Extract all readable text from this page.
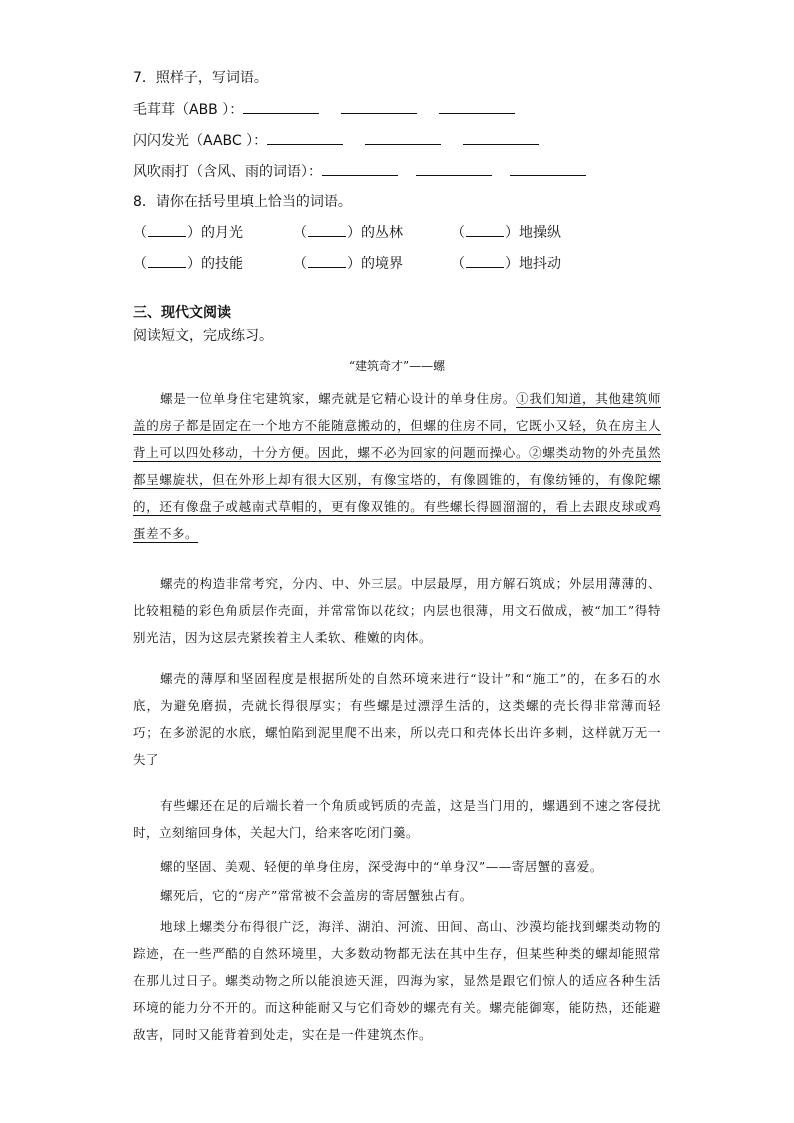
7．照样子，写词语。
毛茸茸（ABB ）：
闪闪发光（AABC ）：
风吹雨打（含风、雨的词语）：
8．请你在括号里填上恰当的词语。
（	）的月光	（	）的丛林	（	）地操纵
（	）的技能	（	）的境界	（	）地抖动
三、现代文阅读
阅读短文，完成练习。
“建筑奇才”——螺
螺是一位单身住宅建筑家，螺壳就是它精心设计的单身住房。①我们知道，其他建筑师盖的房子都是固定在一个地方不能随意搬动的，但螺的住房不同，它既小又轻，负在房主人背上可以四处移动，十分方便。因此，螺不必为回家的问题而操心。②螺类动物的外壳虽然都呈螺旋状，但在外形上却有很大区别，有像宝塔的，有像圆锥的，有像纺锤的，有像陀螺的，还有像盘子或越南式草帽的，更有像双锥的。有些螺长得圆溜溜的，看上去跟皮球或鸡蛋差不多。
螺壳的构造非常考究，分内、中、外三层。中层最厚，用方解石筑成；外层用薄薄的、比较粗糙的彩色角质层作壳面，并常常饰以花纹；内层也很薄，用文石做成，被“加工”得特别光洁，因为这层壳紧挨着主人柔软、稚嫩的肉体。
螺壳的薄厚和坚固程度是根据所处的自然环境来进行“设计”和“施工”的，在多石的水底，为避免磨损，壳就长得很厚实；有些螺是过漂浮生活的，这类螺的壳长得非常薄而轻巧；在多淤泥的水底，螺怕陷到泥里爬不出来，所以壳口和壳体长出许多刺，这样就万无一失了
有些螺还在足的后端长着一个角质或钙质的壳盖，这是当门用的，螺遇到不速之客侵扰时，立刻缩回身体，关起大门，给来客吃闭门羹。
螺的坚固、美观、轻便的单身住房，深受海中的“单身汉”——寄居蟹的喜爱。
螺死后，它的“房产”常常被不会盖房的寄居蟹独占有。
地球上螺类分布得很广泛，海洋、湖泊、河流、田间、高山、沙漠均能找到螺类动物的踪迹，在一些严酷的自然环境里，大多数动物都无法在其中生存，但某些种类的螺却能照常在那儿过日子。螺类动物之所以能浪迹天涯，四海为家，显然是跟它们惊人的适应各种生活环境的能力分不开的。而这种能耐又与它们奇妙的螺壳有关。螺壳能御寒，能防热，还能避敌害，同时又能背着到处走，实在是一件建筑杰作。
